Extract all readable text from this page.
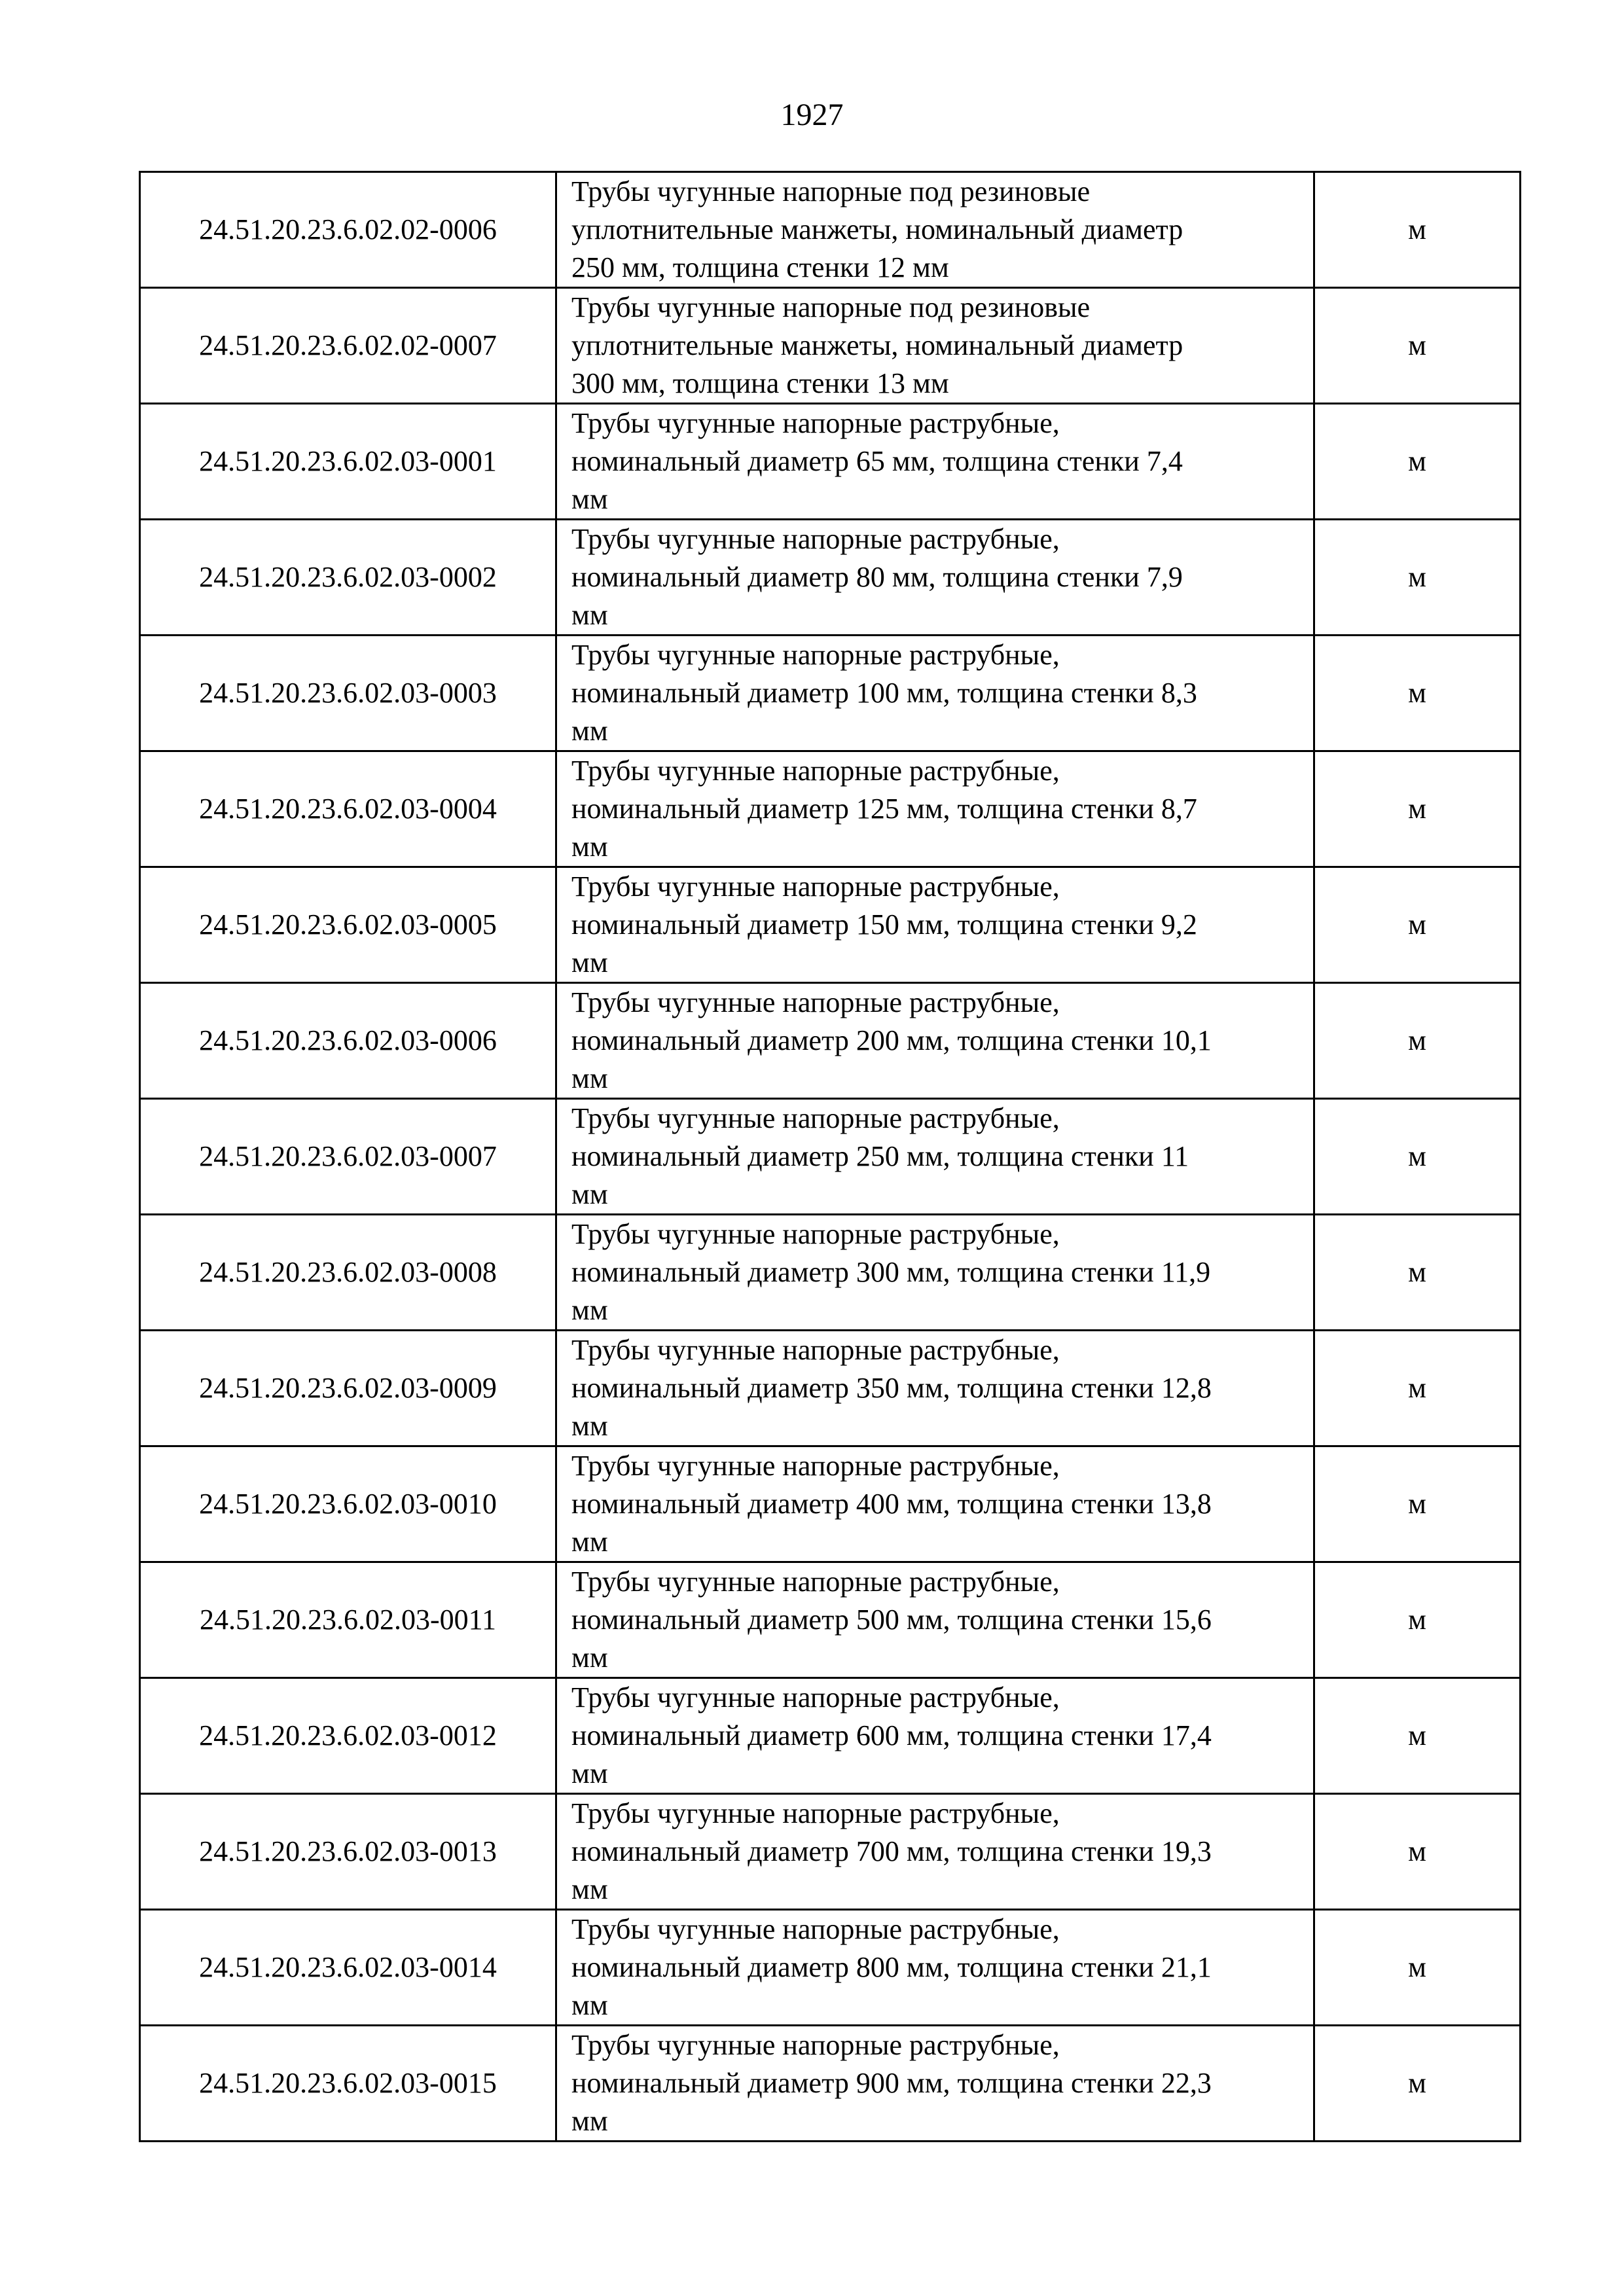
1927
24.51.20.23.6.02.02-0006	Трубы чугунные напорные под резиновые
уплотнительные манжеты, номинальный диаметр
250 мм, толщина стенки 12 мм	м
24.51.20.23.6.02.02-0007	Трубы чугунные напорные под резиновые
уплотнительные манжеты, номинальный диаметр
300 мм, толщина стенки 13 мм	м
24.51.20.23.6.02.03-0001	Трубы чугунные напорные раструбные,
номинальный диаметр 65 мм, толщина стенки 7,4
мм	м
24.51.20.23.6.02.03-0002	Трубы чугунные напорные раструбные,
номинальный диаметр 80 мм, толщина стенки 7,9
мм	м
24.51.20.23.6.02.03-0003	Трубы чугунные напорные раструбные,
номинальный диаметр 100 мм, толщина стенки 8,3
мм	м
24.51.20.23.6.02.03-0004	Трубы чугунные напорные раструбные,
номинальный диаметр 125 мм, толщина стенки 8,7
мм	м
24.51.20.23.6.02.03-0005	Трубы чугунные напорные раструбные,
номинальный диаметр 150 мм, толщина стенки 9,2
мм	м
24.51.20.23.6.02.03-0006	Трубы чугунные напорные раструбные,
номинальный диаметр 200 мм, толщина стенки 10,1
мм	м
24.51.20.23.6.02.03-0007	Трубы чугунные напорные раструбные,
номинальный диаметр 250 мм, толщина стенки 11
мм	м
24.51.20.23.6.02.03-0008	Трубы чугунные напорные раструбные,
номинальный диаметр 300 мм, толщина стенки 11,9
мм	м
24.51.20.23.6.02.03-0009	Трубы чугунные напорные раструбные,
номинальный диаметр 350 мм, толщина стенки 12,8
мм	м
24.51.20.23.6.02.03-0010	Трубы чугунные напорные раструбные,
номинальный диаметр 400 мм, толщина стенки 13,8
мм	м
24.51.20.23.6.02.03-0011	Трубы чугунные напорные раструбные,
номинальный диаметр 500 мм, толщина стенки 15,6
мм	м
24.51.20.23.6.02.03-0012	Трубы чугунные напорные раструбные,
номинальный диаметр 600 мм, толщина стенки 17,4
мм	м
24.51.20.23.6.02.03-0013	Трубы чугунные напорные раструбные,
номинальный диаметр 700 мм, толщина стенки 19,3
мм	м
24.51.20.23.6.02.03-0014	Трубы чугунные напорные раструбные,
номинальный диаметр 800 мм, толщина стенки 21,1
мм	м
24.51.20.23.6.02.03-0015	Трубы чугунные напорные раструбные,
номинальный диаметр 900 мм, толщина стенки 22,3
мм	м
